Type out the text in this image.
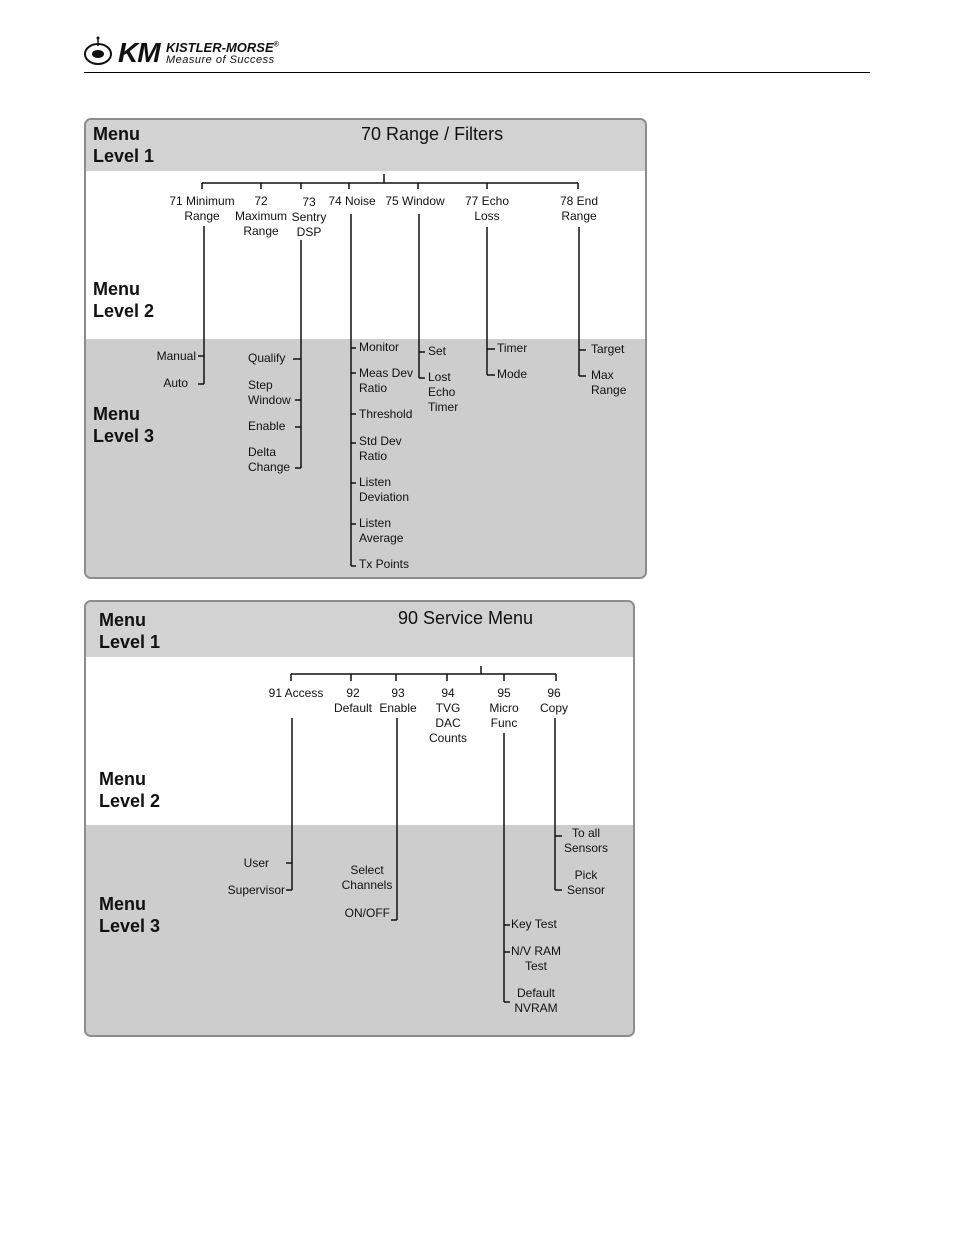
KM KISTLER-MORSE®
Measure of Success
Menu
Level 1
Menu
Level 2
Menu
Level 3
70 Range / Filters
71 Minimum
Range
72
Maximum
Range
73
Sentry
DSP
74 Noise 75 Window	77 Echo
Loss
78 End
Range
Manual
Auto
Qualify
Step
Window
Enable
Delta
Change
Monitor
Meas Dev
Ratio
Threshold
Std Dev
Ratio
Listen
Deviation
Listen
Average
Tx Points
Set
Lost
Echo
Timer
Timer
Mode
Target
Max
Range
Menu
Level 1
Menu
Level 2
Menu
Level 3
90 Service Menu
91 Access	92
Default
93
Enable
94
TVG
DAC
Counts
95
Micro
Func
96
Copy
User
Supervisor
Select
Channels
ON/OFF
Key Test
N/V RAM
Test
Default
NVRAM
To all
Sensors
Pick
Sensor
